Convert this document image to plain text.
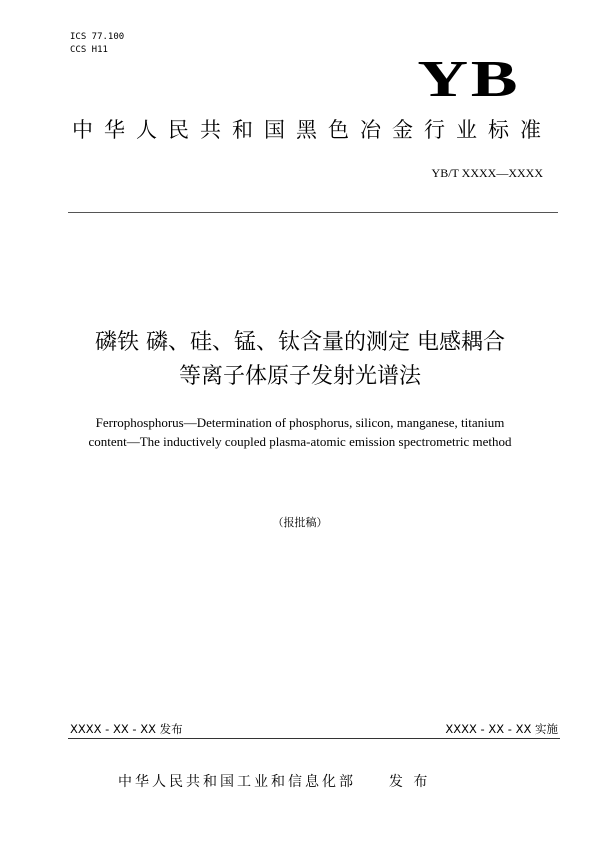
ICS 77.100
CCS H11
YB
中华人民共和国黑色冶金行业标准
YB/T XXXX—XXXX
磷铁 磷、硅、锰、钛含量的测定 电感耦合
等离子体原子发射光谱法
Ferrophosphorus—Determination of phosphorus, silicon, manganese, titanium
content—The inductively coupled plasma-atomic emission spectrometric method
（报批稿）
XXXX - XX - XX 发布	XXXX - XX - XX 实施
中华人民共和国工业和信息化部 发 布
